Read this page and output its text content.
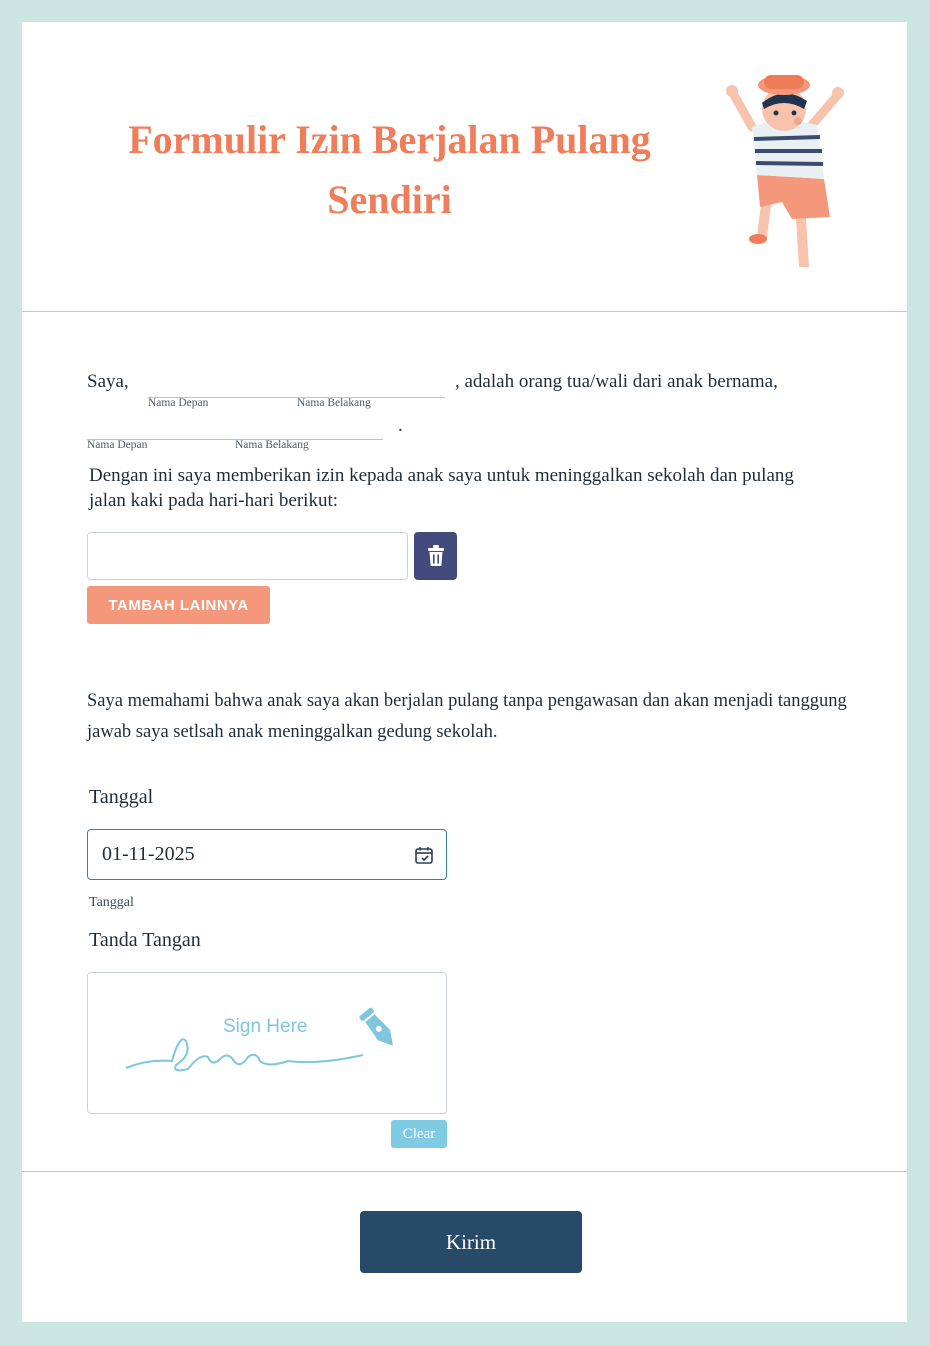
Formulir Izin Berjalan Pulang Sendiri
Saya,
Nama Depan	Nama Belakang
, adalah orang tua/wali dari anak bernama,
Nama Depan	Nama Belakang
.
Dengan ini saya memberikan izin kepada anak saya untuk meninggalkan sekolah dan pulang jalan kaki pada hari-hari berikut:
TAMBAH LAINNYA
Saya memahami bahwa anak saya akan berjalan pulang tanpa pengawasan dan akan menjadi tanggung jawab saya setlsah anak meninggalkan gedung sekolah.
Tanggal
01-11-2025
Tanggal
Tanda Tangan
Sign Here
Clear
Kirim
